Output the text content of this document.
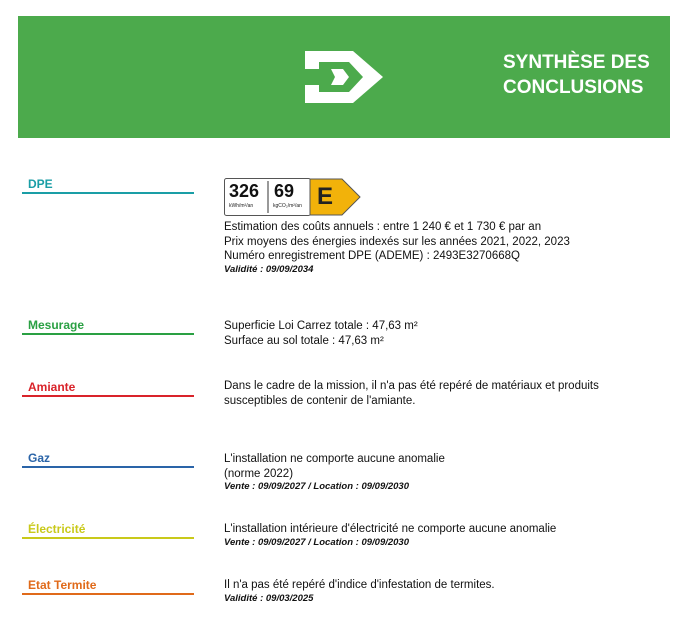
SYNTHÈSE DES
CONCLUSIONS
DPE	326
kWh/m²/an
69
kgCO₂/m²/an E
Estimation des coûts annuels : entre 1 240 € et 1 730 € par an
Prix moyens des énergies indexés sur les années 2021, 2022, 2023
Numéro enregistrement DPE (ADEME) : 2493E3270668Q
Validité : 09/09/2034
Mesurage	Superficie Loi Carrez totale : 47,63 m²
Surface au sol totale : 47,63 m²
Amiante	Dans le cadre de la mission, il n'a pas été repéré de matériaux et produits
susceptibles de contenir de l'amiante.
Gaz	L'installation ne comporte aucune anomalie
(norme 2022)
Vente : 09/09/2027 / Location : 09/09/2030
Électricité	L'installation intérieure d'électricité ne comporte aucune anomalie
Vente : 09/09/2027 / Location : 09/09/2030
Etat Termite	Il n'a pas été repéré d'indice d'infestation de termites.
Validité : 09/03/2025
